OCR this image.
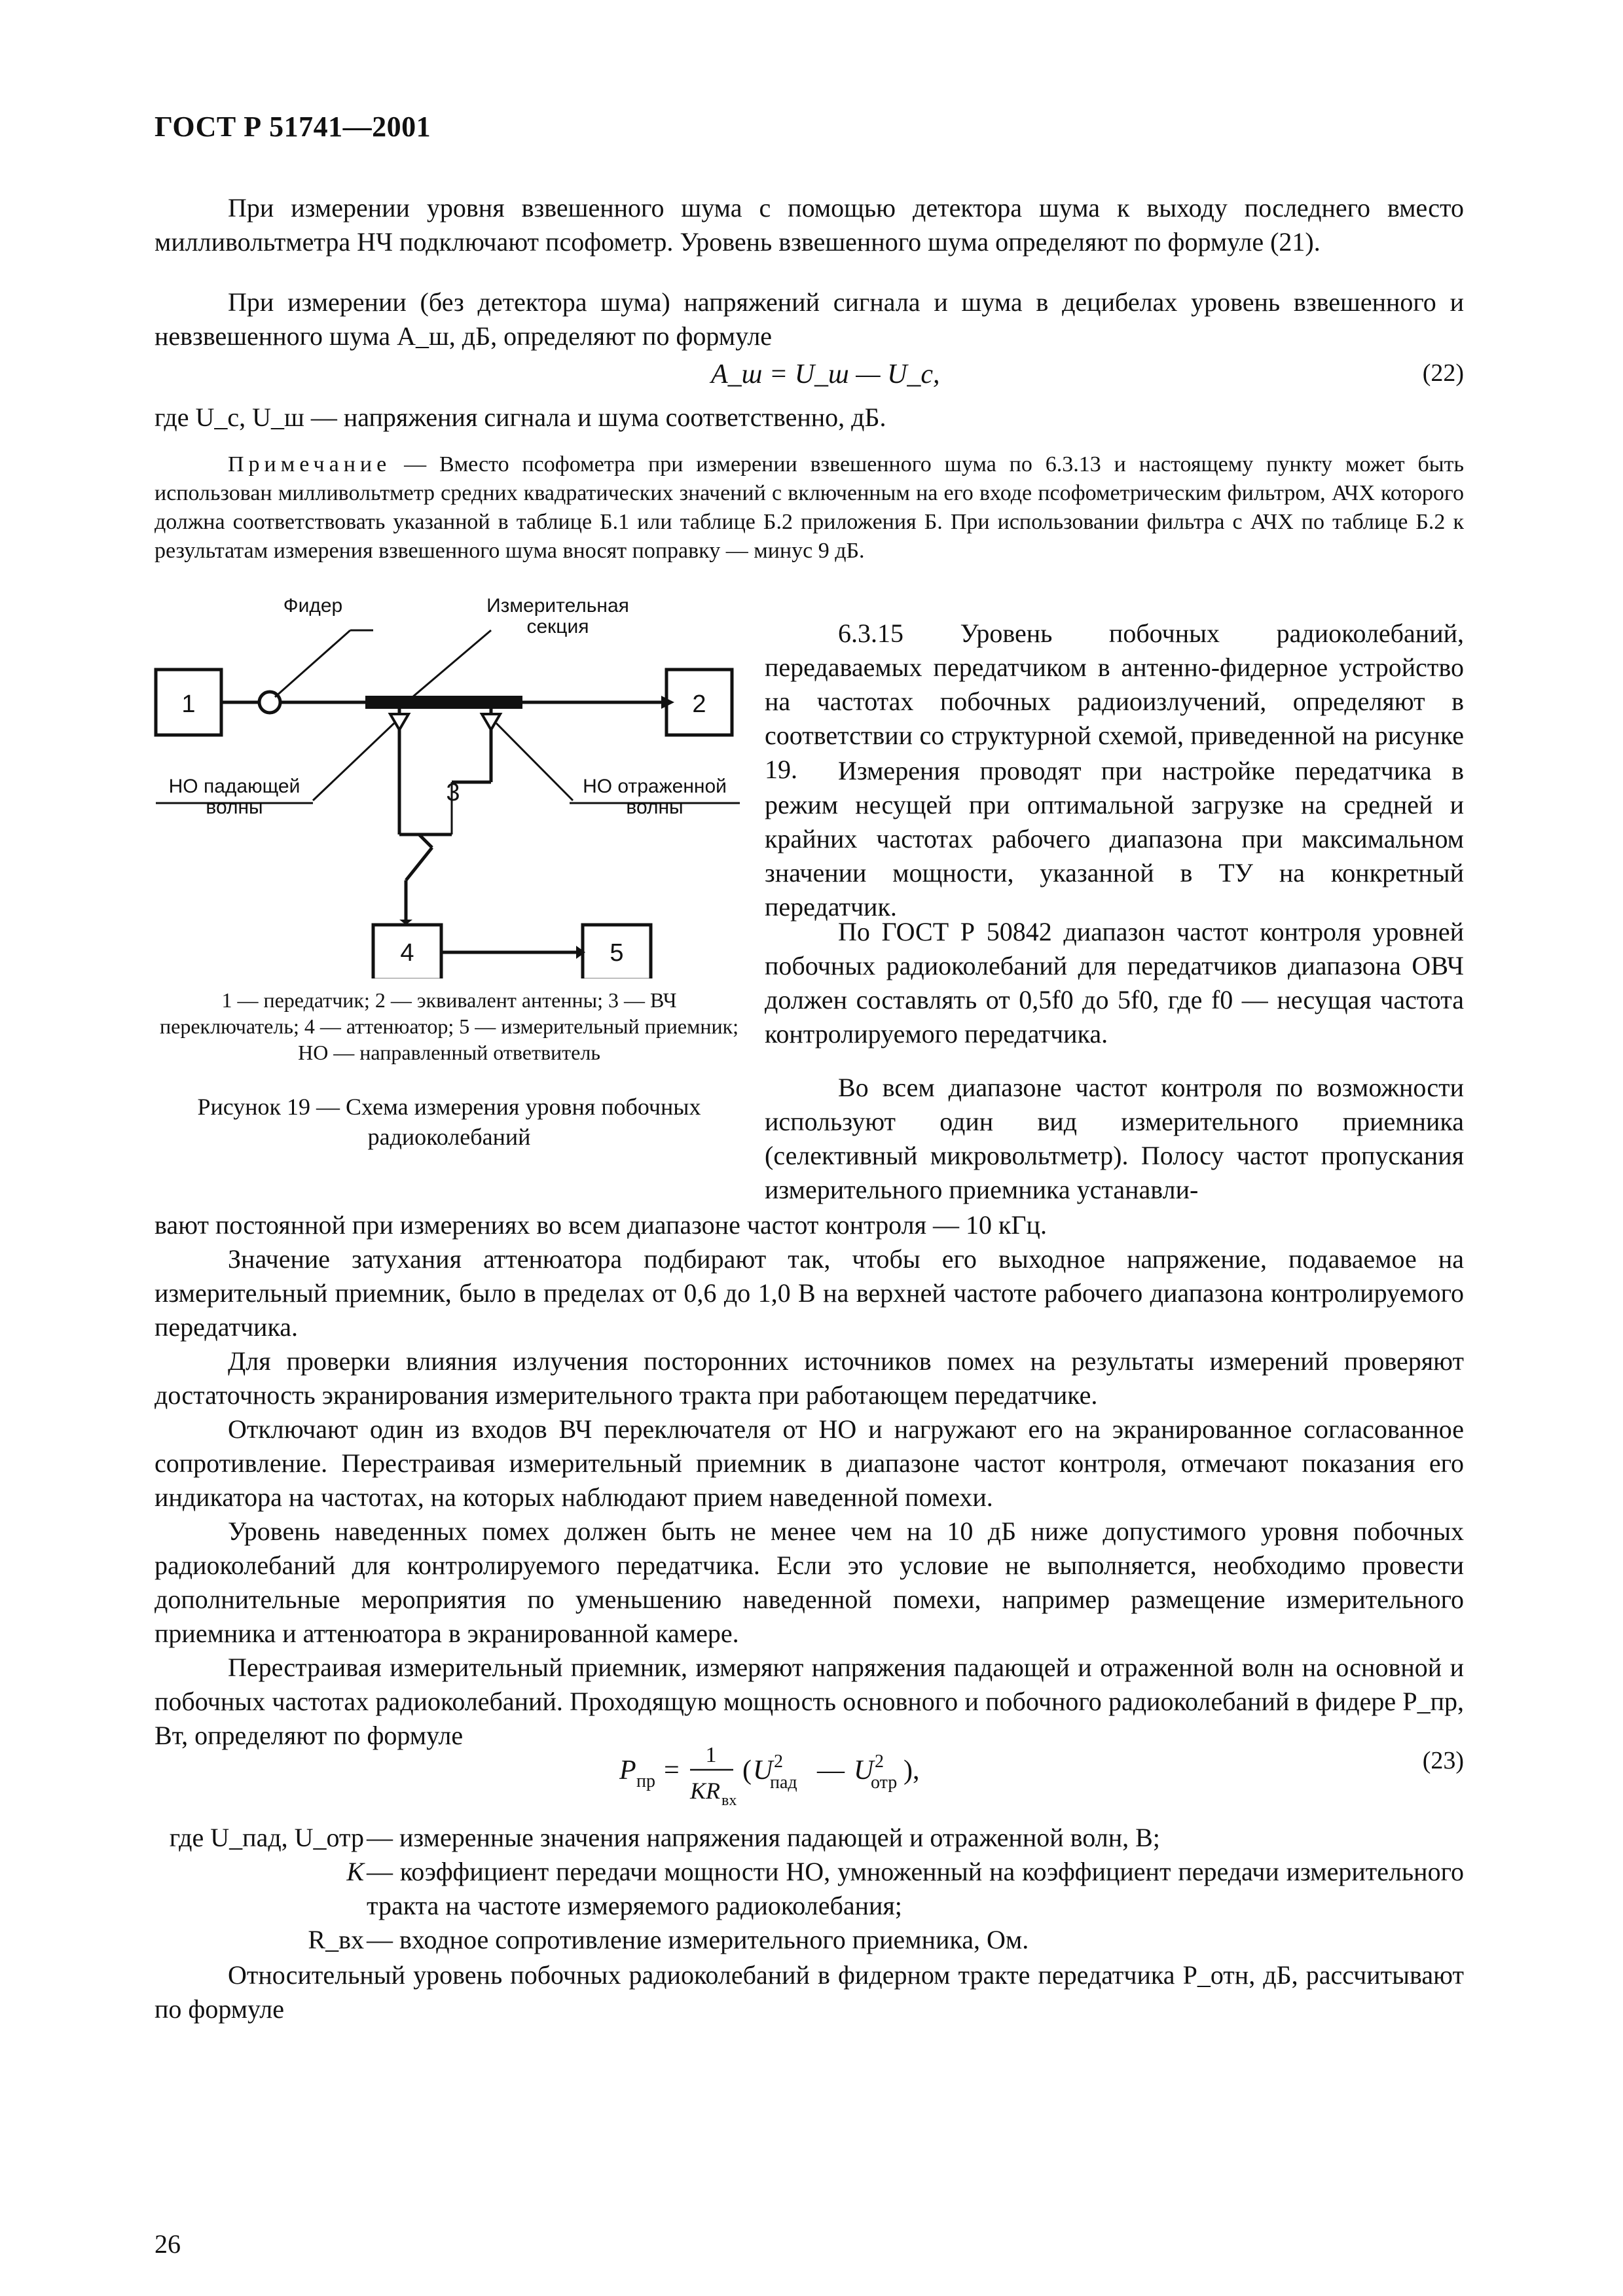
ГОСТ Р 51741—2001

При измерении уровня взвешенного шума с помощью детектора шума к выходу последнего вместо милливольтметра НЧ подключают псофометр. Уровень взвешенного шума определяют по формуле (21).

При измерении (без детектора шума) напряжений сигнала и шума в децибелах уровень взвешенного и невзвешенного шума A_ш, дБ, определяют по формуле

A_ш = U_ш — U_с,	(22)

где U_с, U_ш — напряжения сигнала и шума соответственно, дБ.

Примечание — Вместо псофометра при измерении взвешенного шума по 6.3.13 и настоящему пункту может быть использован милливольтметр средних квадратических значений с включенным на его входе псофометрическим фильтром, АЧХ которого должна соответствовать указанной в таблице Б.1 или таблице Б.2 приложения Б. При использовании фильтра с АЧХ по таблице Б.2 к результатам измерения взвешенного шума вносят поправку — минус 9 дБ.

1	2
3
4	5
Фидер	Измерительная
секция
НО падающей
волны
НО отраженной
волны
1 — передатчик; 2 — эквивалент антенны; 3 — ВЧ переключатель; 4 — аттенюатор; 5 — измерительный приемник; НО — направленный ответвитель
Рисунок 19 — Схема измерения уровня побочных радиоколебаний

6.3.15 Уровень побочных радиоколебаний, передаваемых передатчиком в антенно-фидерное устройство на частотах побочных радиоизлучений, определяют в соответствии со структурной схемой, приведенной на рисунке 19.	Измерения проводят при настройке передатчика в режим несущей при оптимальной загрузке на средней и крайних частотах рабочего диапазона при максимальном значении мощности, указанной в ТУ на конкретный передатчик.

По ГОСТ Р 50842 диапазон частот контроля уровней побочных радиоколебаний для передатчиков диапазона ОВЧ должен составлять от 0,5f0 до 5f0, где f0 — несущая частота контролируемого передатчика.

Во всем диапазоне частот контроля по возможности используют один вид измерительного приемника (селективный микровольтметр). Полосу частот пропускания измерительного приемника устанавли-

вают постоянной при измерениях во всем диапазоне частот контроля — 10 кГц.

Значение затухания аттенюатора подбирают так, чтобы его выходное напряжение, подаваемое на измерительный приемник, было в пределах от 0,6 до 1,0 В на верхней частоте рабочего диапазона контролируемого передатчика.

Для проверки влияния излучения посторонних источников помех на результаты измерений проверяют достаточность экранирования измерительного тракта при работающем передатчике.

Отключают один из входов ВЧ переключателя от НО и нагружают его на экранированное согласованное сопротивление. Перестраивая измерительный приемник в диапазоне частот контроля, отмечают показания его индикатора на частотах, на которых наблюдают прием наведенной помехи.

Уровень наведенных помех должен быть не менее чем на 10 дБ ниже допустимого уровня побочных радиоколебаний для контролируемого передатчика. Если это условие не выполняется, необходимо провести дополнительные мероприятия по уменьшению наведенной помехи, например размещение измерительного приемника и аттенюатора в экранированной камере.

Перестраивая измерительный приемник, измеряют напряжения падающей и отраженной волн на основной и побочных частотах радиоколебаний. Проходящую мощность основного и побочного радиоколебаний в фидере P_пр, Вт, определяют по формуле

P пр =
1
KR вх
( U 2
пад — U 2
отр ),	(23)
где U_пад, U_отр — измеренные значения напряжения падающей и отраженной волн, В;
K — коэффициент передачи мощности НО, умноженный на коэффициент передачи измерительного тракта на частоте измеряемого радиоколебания;
R_вх — входное сопротивление измерительного приемника, Ом.

Относительный уровень побочных радиоколебаний в фидерном тракте передатчика P_отн, дБ, рассчитывают по формуле

26
